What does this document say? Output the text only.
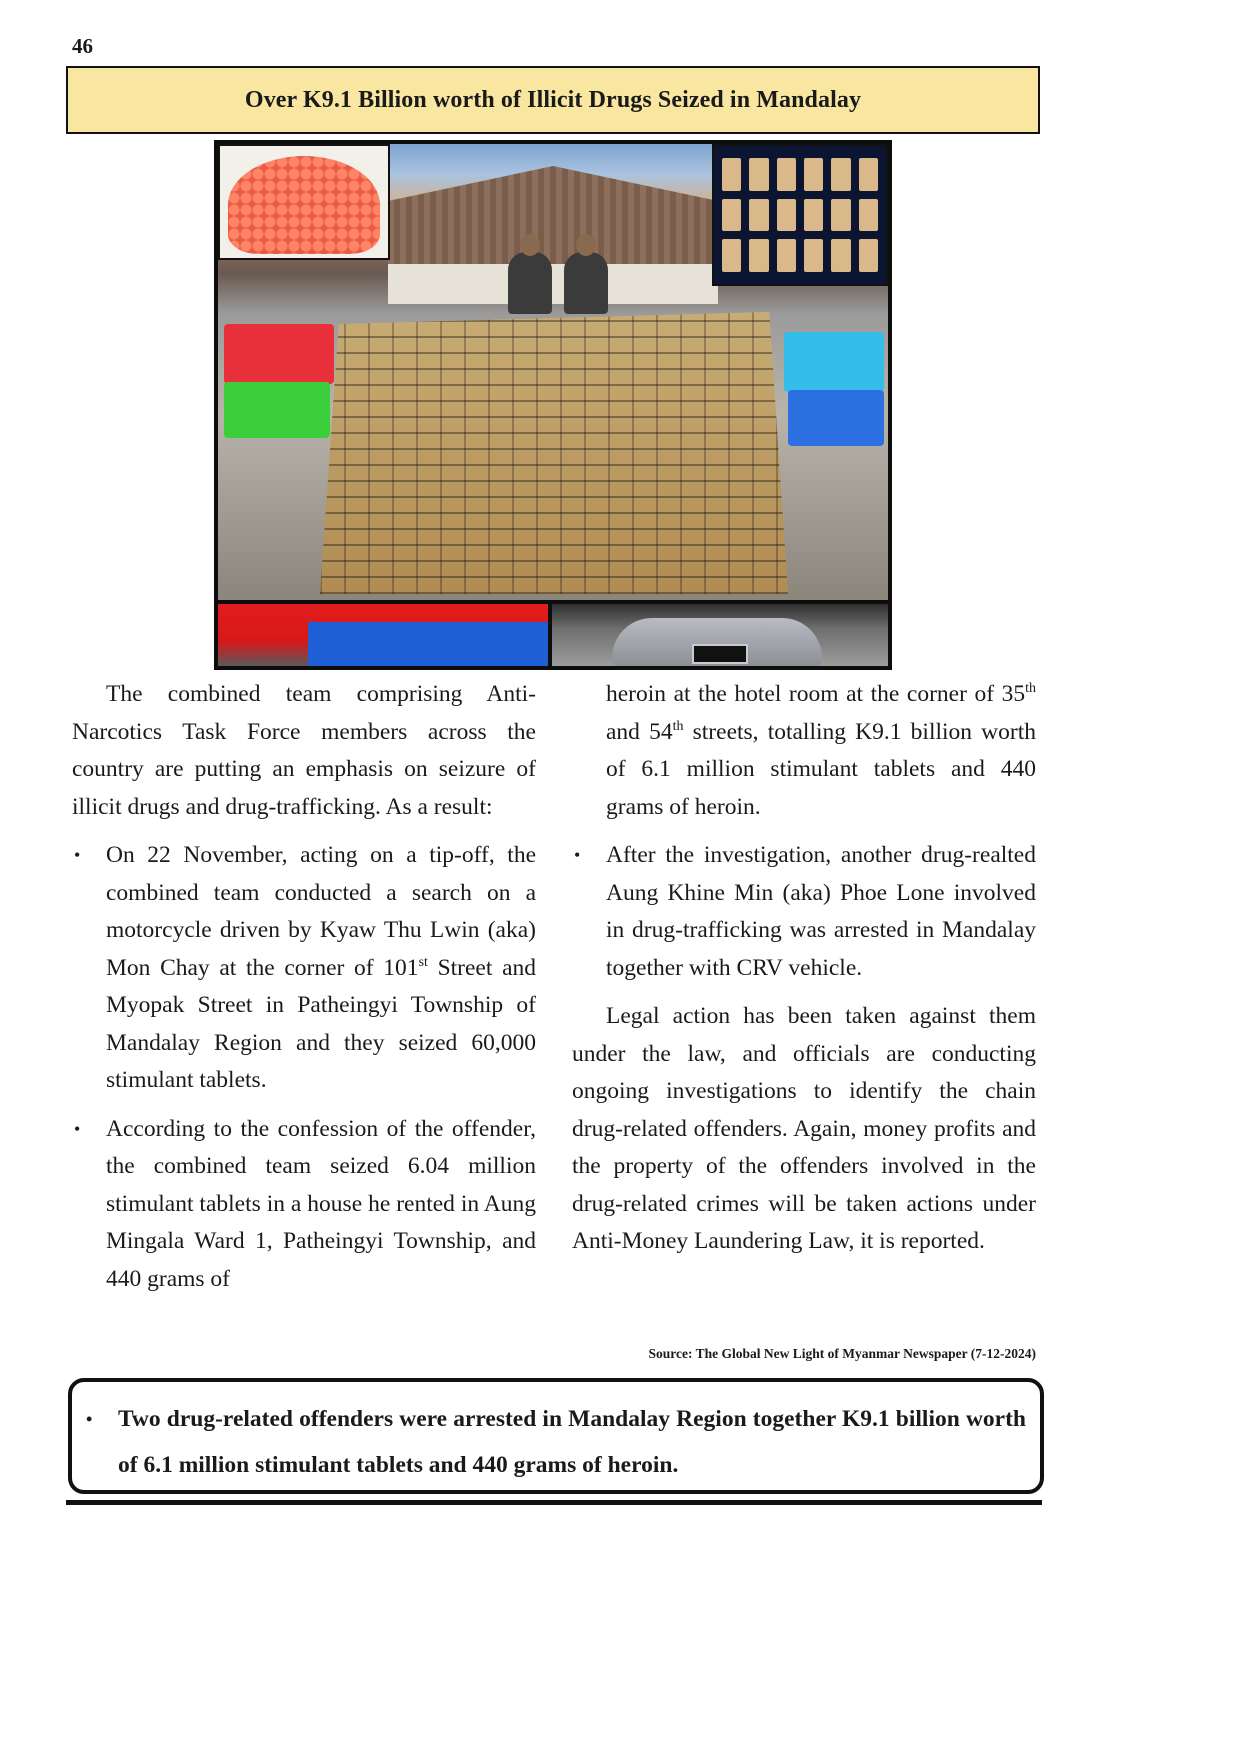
46
Over K9.1 Billion worth of Illicit Drugs Seized in Mandalay

The combined team comprising Anti-Narcotics Task Force members across the country are putting an emphasis on seizure of illicit drugs and drug-trafficking. As a result:

• On 22 November, acting on a tip-off, the combined team conducted a search on a motorcycle driven by Kyaw Thu Lwin (aka) Mon Chay at the corner of 101st Street and Myopak Street in Patheingyi Township of Mandalay Region and they seized 60,000 stimulant tablets.
• According to the confession of the offender, the combined team seized 6.04 million stimulant tablets in a house he rented in Aung Mingala Ward 1, Patheingyi Township, and 440 grams of
heroin at the hotel room at the corner of 35th and 54th streets, totalling K9.1 billion worth of 6.1 million stimulant tablets and 440 grams of heroin.
• After the investigation, another drug-realted Aung Khine Min (aka) Phoe Lone involved in drug-trafficking was arrested in Mandalay together with CRV vehicle.

Legal action has been taken against them under the law, and officials are conducting ongoing investigations to identify the chain drug-related offenders. Again, money profits and the property of the offenders involved in the drug-related crimes will be taken actions under Anti-Money Laundering Law, it is reported.

Source: The Global New Light of Myanmar Newspaper (7-12-2024)
• Two drug-related offenders were arrested in Mandalay Region together K9.1 billion worth of 6.1 million stimulant tablets and 440 grams of heroin.
